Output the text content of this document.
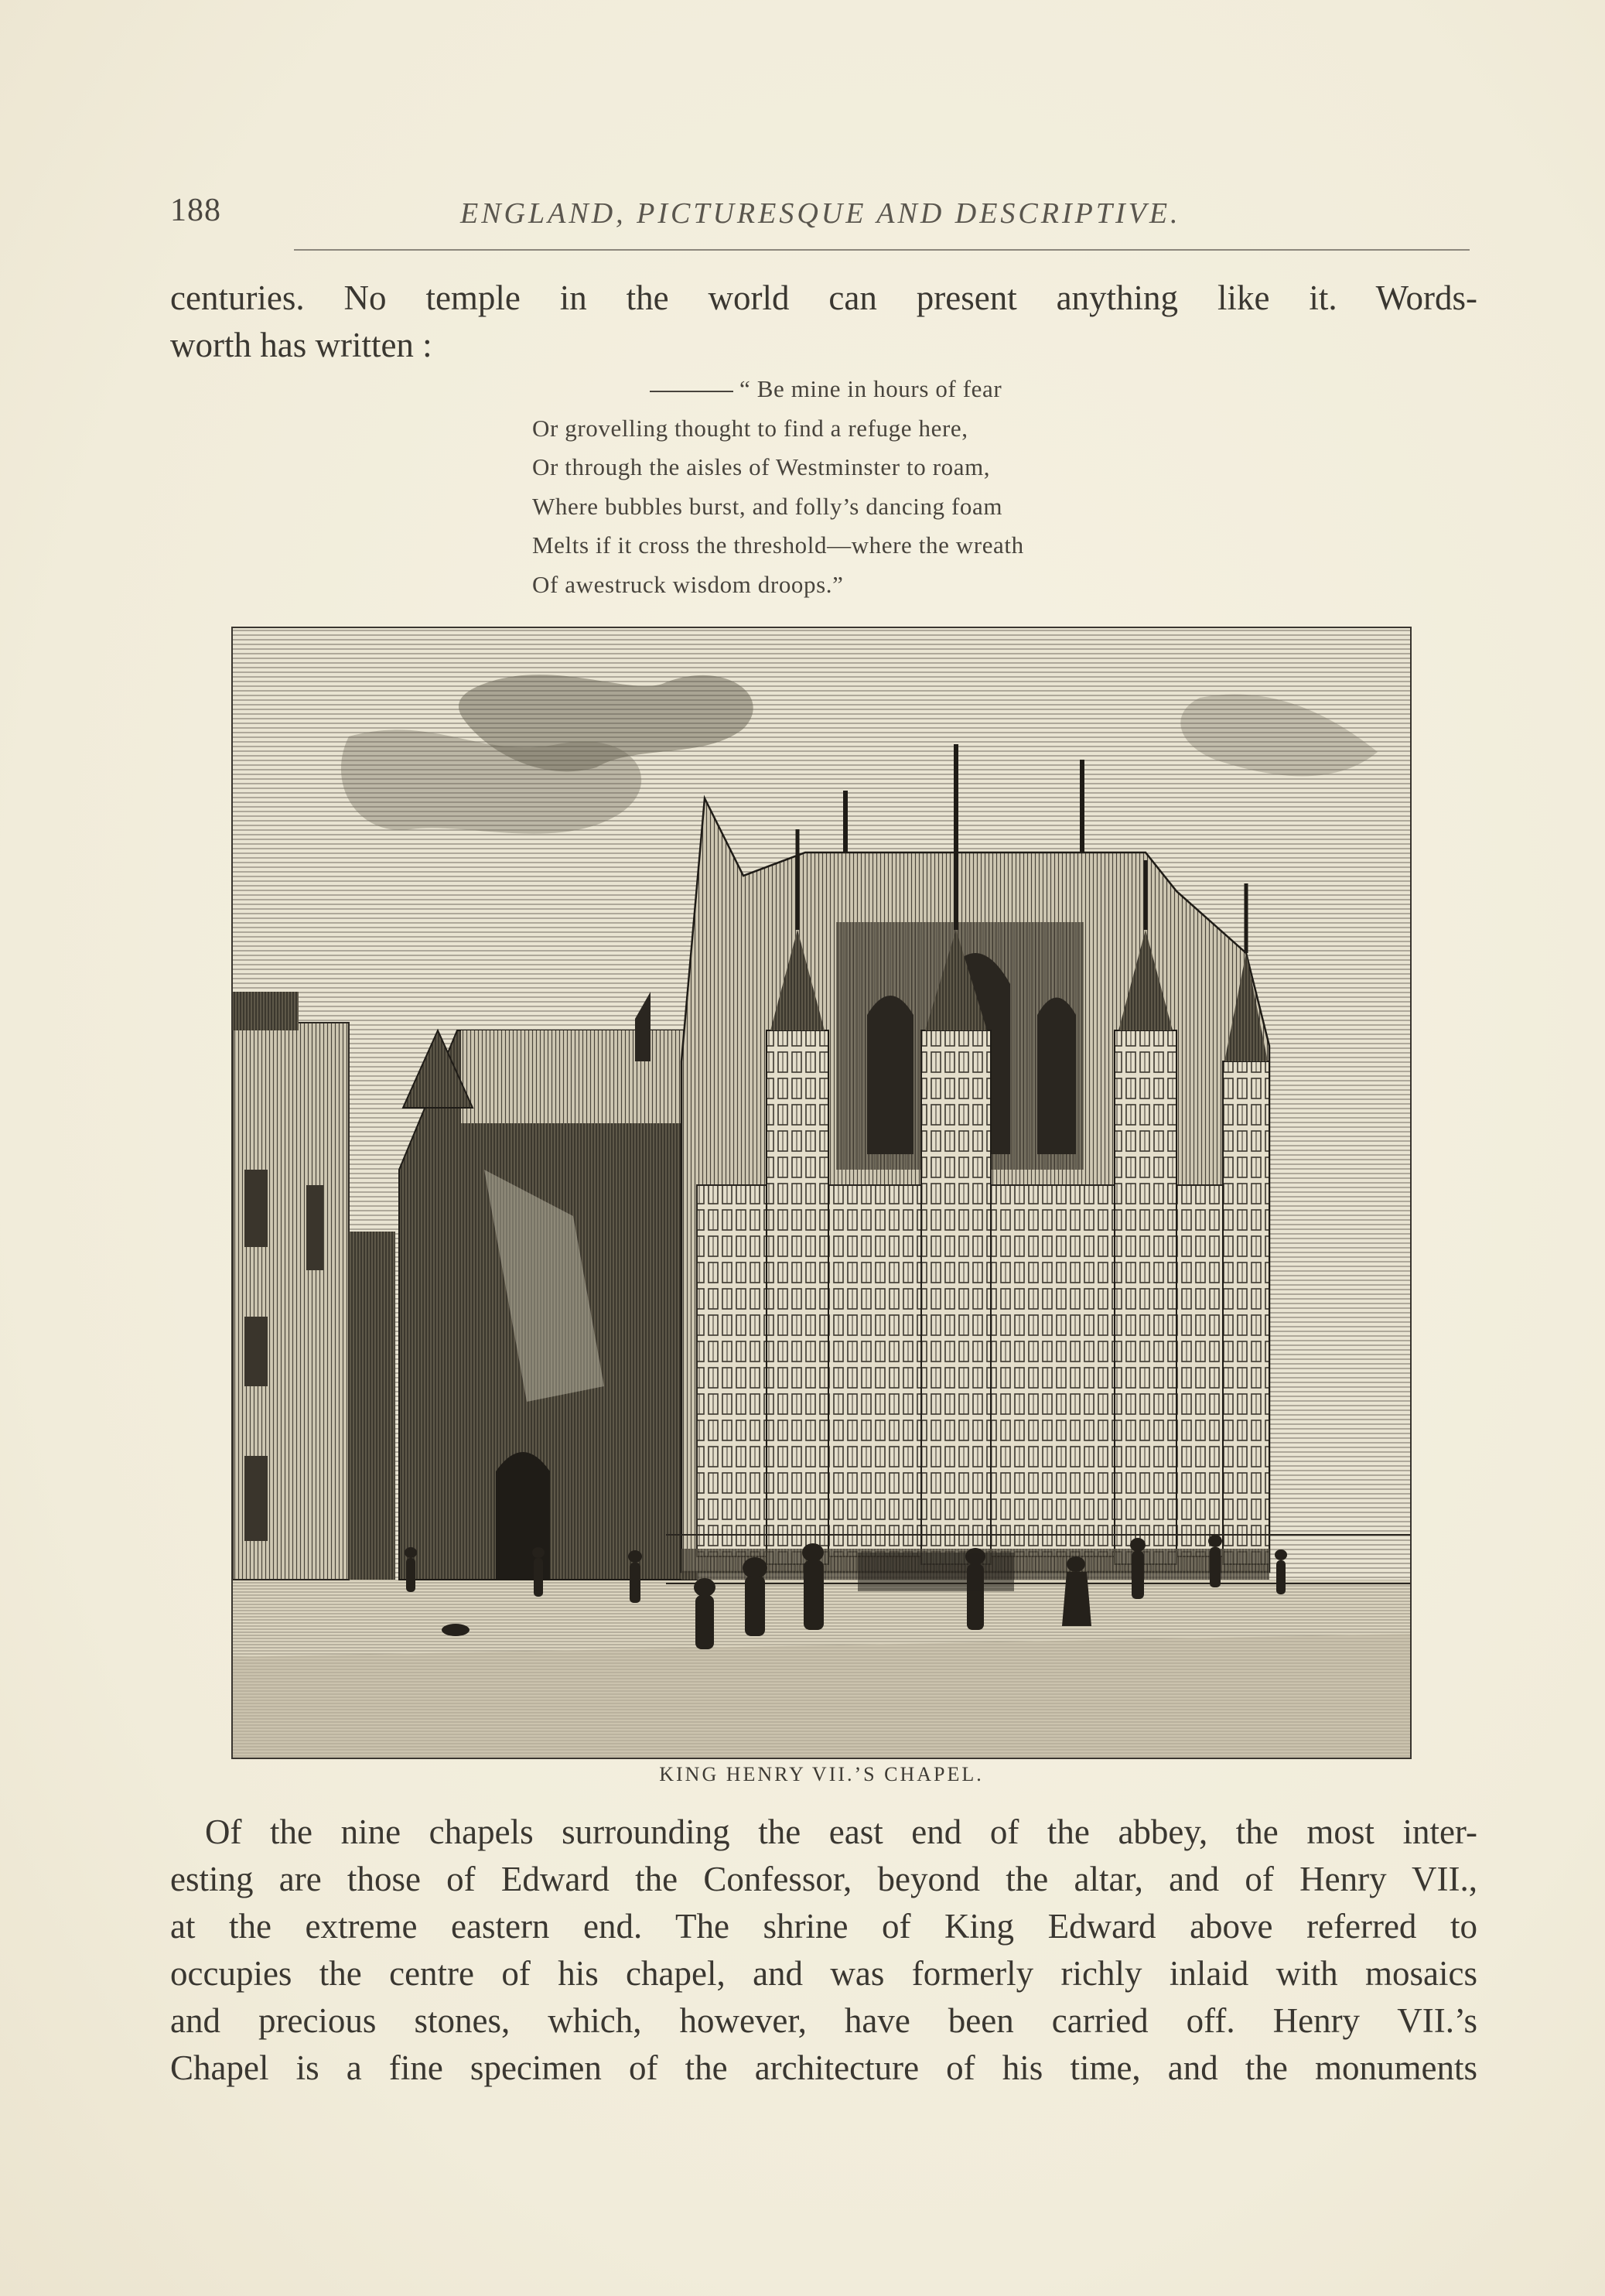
188	ENGLAND, PICTURESQUE AND DESCRIPTIVE.
centuries. No temple in the world can present anything like it. Words-
worth has written :
“ Be mine in hours of fear
Or grovelling thought to find a refuge here,
Or through the aisles of Westminster to roam,
Where bubbles burst, and folly’s dancing foam
Melts if it cross the threshold—where the wreath
Of awestruck wisdom droops.”
KING HENRY VII.’S CHAPEL.
Of the nine chapels surrounding the east end of the abbey, the most inter-
esting are those of Edward the Confessor, beyond the altar, and of Henry VII.,
at the extreme eastern end. The shrine of King Edward above referred to
occupies the centre of his chapel, and was formerly richly inlaid with mosaics
and precious stones, which, however, have been carried off. Henry VII.’s
Chapel is a fine specimen of the architecture of his time, and the monuments
